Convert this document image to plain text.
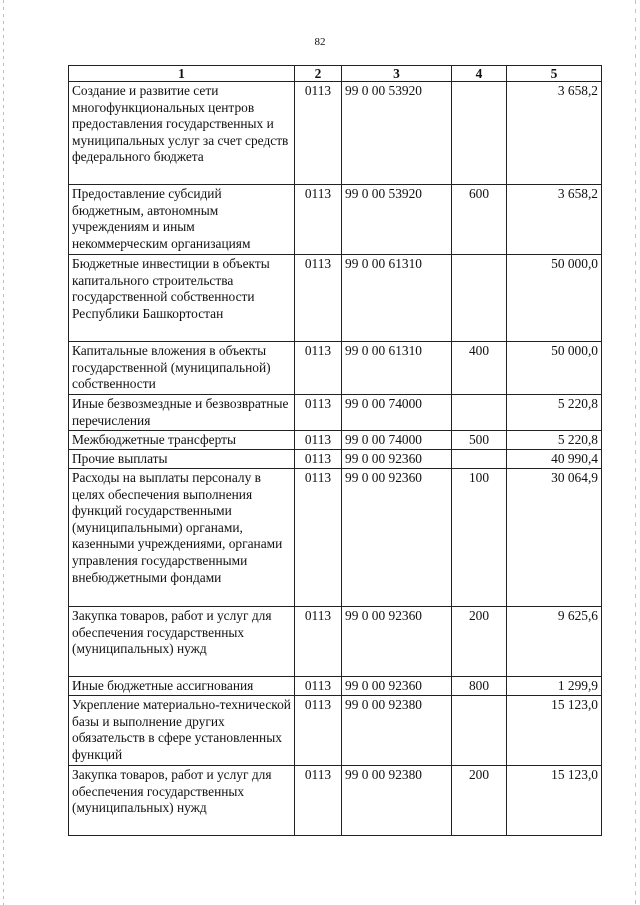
82
1	2	3	4	5
Создание и развитие сети многофункциональных центров предоставления государственных и муниципальных услуг за счет средств федерального бюджета	0113	99 0 00 53920		3 658,2
Предоставление субсидий бюджетным, автономным учреждениям и иным некоммерческим организациям	0113	99 0 00 53920	600	3 658,2
Бюджетные инвестиции в объекты капитального строительства государственной собственности Республики Башкортостан	0113	99 0 00 61310		50 000,0
Капитальные вложения в объекты государственной (муниципальной) собственности	0113	99 0 00 61310	400	50 000,0
Иные безвозмездные и безвозвратные перечисления	0113	99 0 00 74000		5 220,8
Межбюджетные трансферты	0113	99 0 00 74000	500	5 220,8
Прочие выплаты	0113	99 0 00 92360		40 990,4
Расходы на выплаты персоналу в целях обеспечения выполнения функций государственными (муниципальными) органами, казенными учреждениями, органами управления государственными внебюджетными фондами	0113	99 0 00 92360	100	30 064,9
Закупка товаров, работ и услуг для обеспечения государственных (муниципальных) нужд	0113	99 0 00 92360	200	9 625,6
Иные бюджетные ассигнования	0113	99 0 00 92360	800	1 299,9
Укрепление материально-технической базы и выполнение других обязательств в сфере установленных функций	0113	99 0 00 92380		15 123,0
Закупка товаров, работ и услуг для обеспечения государственных (муниципальных) нужд	0113	99 0 00 92380	200	15 123,0
